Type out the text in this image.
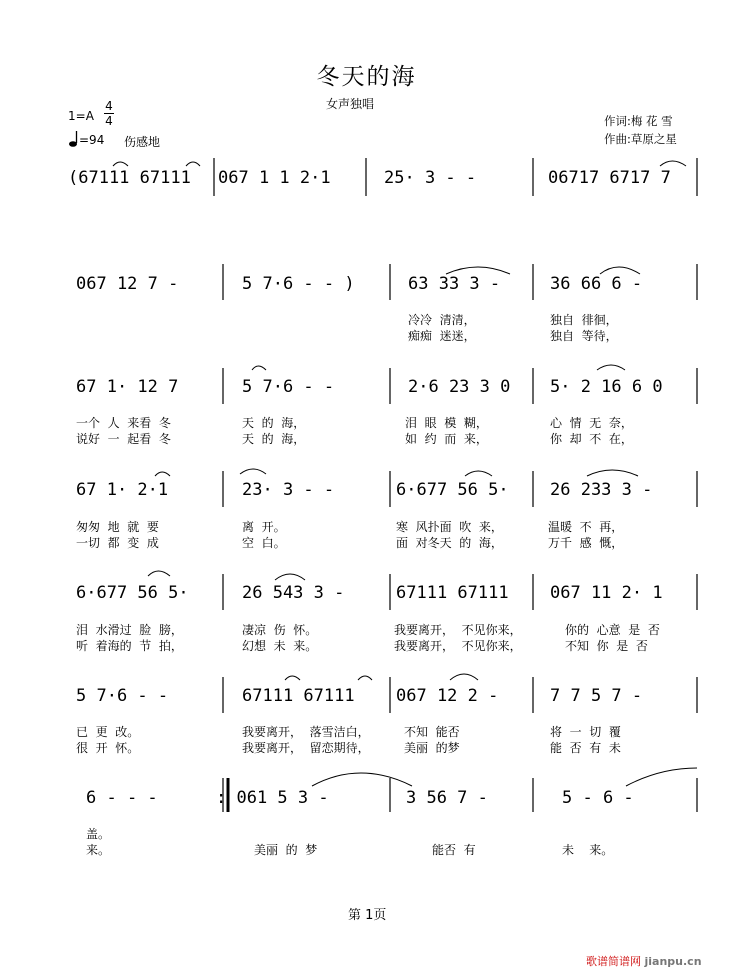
冬天的海
女声独唱
作词:梅 花 雪
作曲:草原之星
1=A
4
4
=94 伤感地
(67111 67111 067 1 1 2·1	25· 3 - -	0671̇7 671̇7 7
067 12 7 -	5 7·6 - - )	63 33 3 -	36 66 6 -
冷冷  清清，	独自  徘徊，
痴痴  迷迷，	独自  等待，
67 1· 12 7	5 7·6 - -	2·6 23 3 0 5· 2 16 6 0
一个  人  来看  冬	天  的  海，	泪  眼  模  糊，	心  情  无  奈，
说好  一  起看  冬	天  的  海，	如  约  而  来，	你  却  不  在，
67 1· 2·1	23· 3 - -	6·677 56 5· 26 233 3 -
匆匆  地  就  要	离  开。	寒  风扑面  吹  来，	温暖  不  再，
一切  都  变  成	空  白。	面  对冬天  的  海，	万千  感  慨，
6·677 56 5·	26 543 3 -	67111 67111 067 11 2· 1
泪  水滑过  脸  膀，	凄凉  伤  怀。	我要离开，  不见你来，	你的  心意  是  否
听  着海的  节  拍，	幻想  未  来。	我要离开，  不见你来，	不知  你  是  否
5 7·6 - -	67111 67111 067 12 2 -	7 7 5 7 -
已  更  改。	我要离开，  落雪洁白，	不知  能否	将  一  切  覆
很  开  怀。	我要离开，  留恋期待，	美丽  的梦	能  否  有  未
6 - - -	: 061 5 3 -	3 56 7 -	5 - 6 -
盖。
来。	美丽  的  梦	能否  有	未    来。
第 1页
歌谱简谱网 jianpu.cn
